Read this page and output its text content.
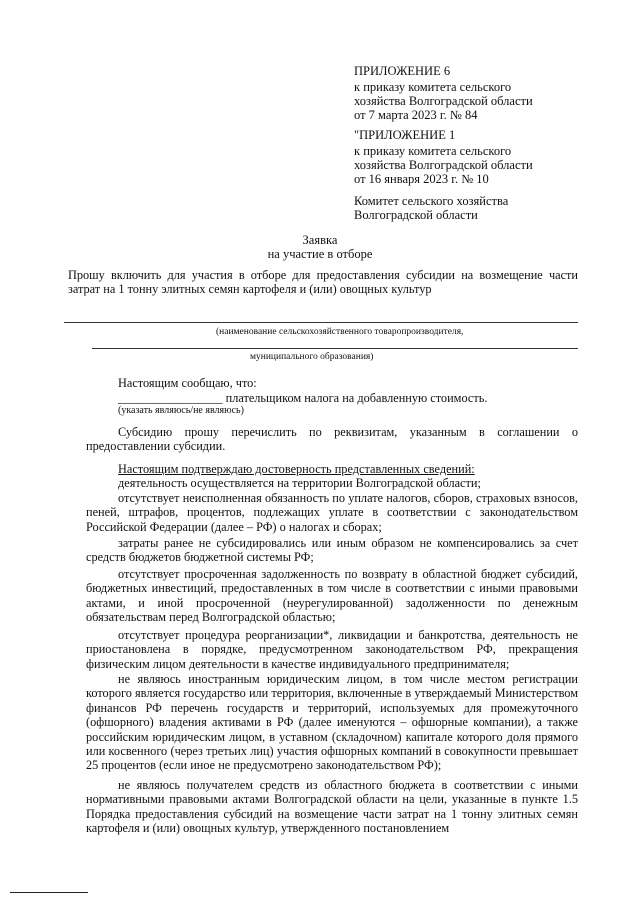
ПРИЛОЖЕНИЕ 6
к приказу комитета сельского
хозяйства Волгоградской области
от 7 марта 2023 г. № 84
"ПРИЛОЖЕНИЕ 1
к приказу комитета сельского
хозяйства Волгоградской области
от 16 января 2023 г. № 10
Комитет сельского хозяйства
Волгоградской области
Заявка
на участие в отборе
Прошу включить для участия в отборе для предоставления субсидии на возмещение части затрат на 1 тонну элитных семян картофеля и (или) овощных культур
(наименование сельскохозяйственного товаропроизводителя,
муниципального образования)
Настоящим сообщаю, что:
_________________ плательщиком налога на добавленную стоимость.
(указать являюсь/не являюсь)
Субсидию прошу перечислить по реквизитам, указанным в соглашении о предоставлении субсидии.
Настоящим подтверждаю достоверность представленных сведений:
деятельность осуществляется на территории Волгоградской области;
отсутствует неисполненная обязанность по уплате налогов, сборов, страховых взносов, пеней, штрафов, процентов, подлежащих уплате в соответствии с законодательством Российской Федерации (далее – РФ) о налогах и сборах;
затраты ранее не субсидировались или иным образом не компенсировались за счет средств бюджетов бюджетной системы РФ;
отсутствует просроченная задолженность по возврату в областной бюджет субсидий, бюджетных инвестиций, предоставленных в том числе в соответствии с иными правовыми актами, и иной просроченной (неурегулированной) задолженности по денежным обязательствам перед Волгоградской областью;
отсутствует процедура реорганизации*, ликвидации и банкротства, деятельность не приостановлена в порядке, предусмотренном законодательством РФ, прекращения физическим лицом деятельности в качестве индивидуального предпринимателя;
не являюсь иностранным юридическим лицом, в том числе местом регистрации которого является государство или территория, включенные в утверждаемый Министерством финансов РФ перечень государств и территорий, используемых для промежуточного (офшорного) владения активами в РФ (далее именуются – офшорные компании), а также российским юридическим лицом, в уставном (складочном) капитале которого доля прямого или косвенного (через третьих лиц) участия офшорных компаний в совокупности превышает 25 процентов (если иное не предусмотрено законодательством РФ);
не являюсь получателем средств из областного бюджета в соответствии с иными нормативными правовыми актами Волгоградской области на цели, указанные в пункте 1.5 Порядка предоставления субсидий на возмещение части затрат на 1 тонну элитных семян картофеля и (или) овощных культур, утвержденного постановлением
